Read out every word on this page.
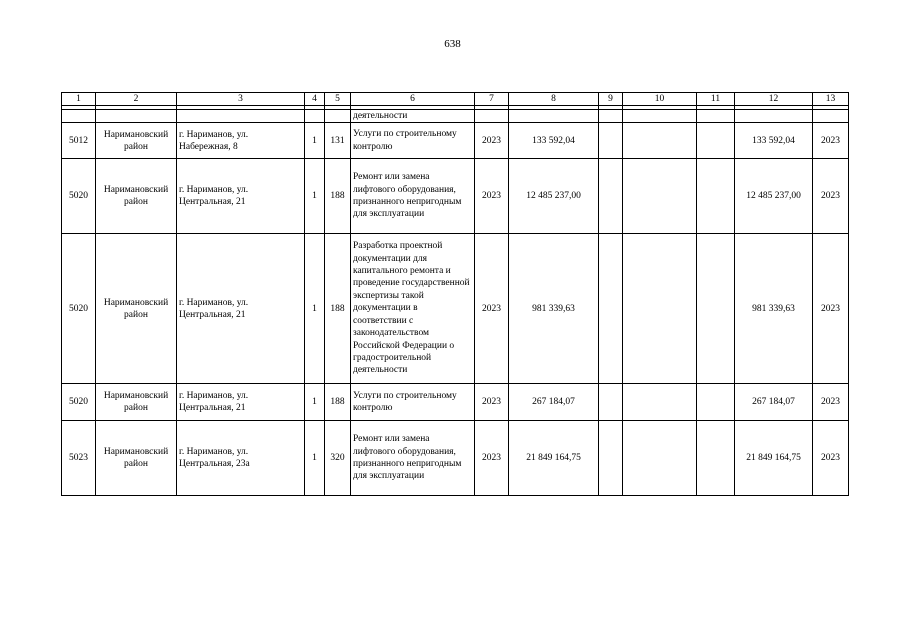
638
1	2	3	4	5	6	7	8	9	10	11	12	13

					деятельности							
5012	Наримановский район	г. Нариманов, ул. Набережная, 8	1	131	Услуги по строительному контролю	2023	133 592,04				133 592,04	2023
5020	Наримановский район	г. Нариманов, ул. Центральная, 21	1	188	Ремонт или замена лифтового оборудования, признанного непригодным для эксплуатации	2023	12 485 237,00				12 485 237,00	2023
5020	Наримановский район	г. Нариманов, ул. Центральная, 21	1	188	Разработка проектной документации для капитального ремонта и проведение государственной экспертизы такой документации в соответствии с законодательством Российской Федерации о градостроительной деятельности	2023	981 339,63				981 339,63	2023
5020	Наримановский район	г. Нариманов, ул. Центральная, 21	1	188	Услуги по строительному контролю	2023	267 184,07				267 184,07	2023
5023	Наримановский район	г. Нариманов, ул. Центральная, 23а	1	320	Ремонт или замена лифтового оборудования, признанного непригодным для эксплуатации	2023	21 849 164,75				21 849 164,75	2023
